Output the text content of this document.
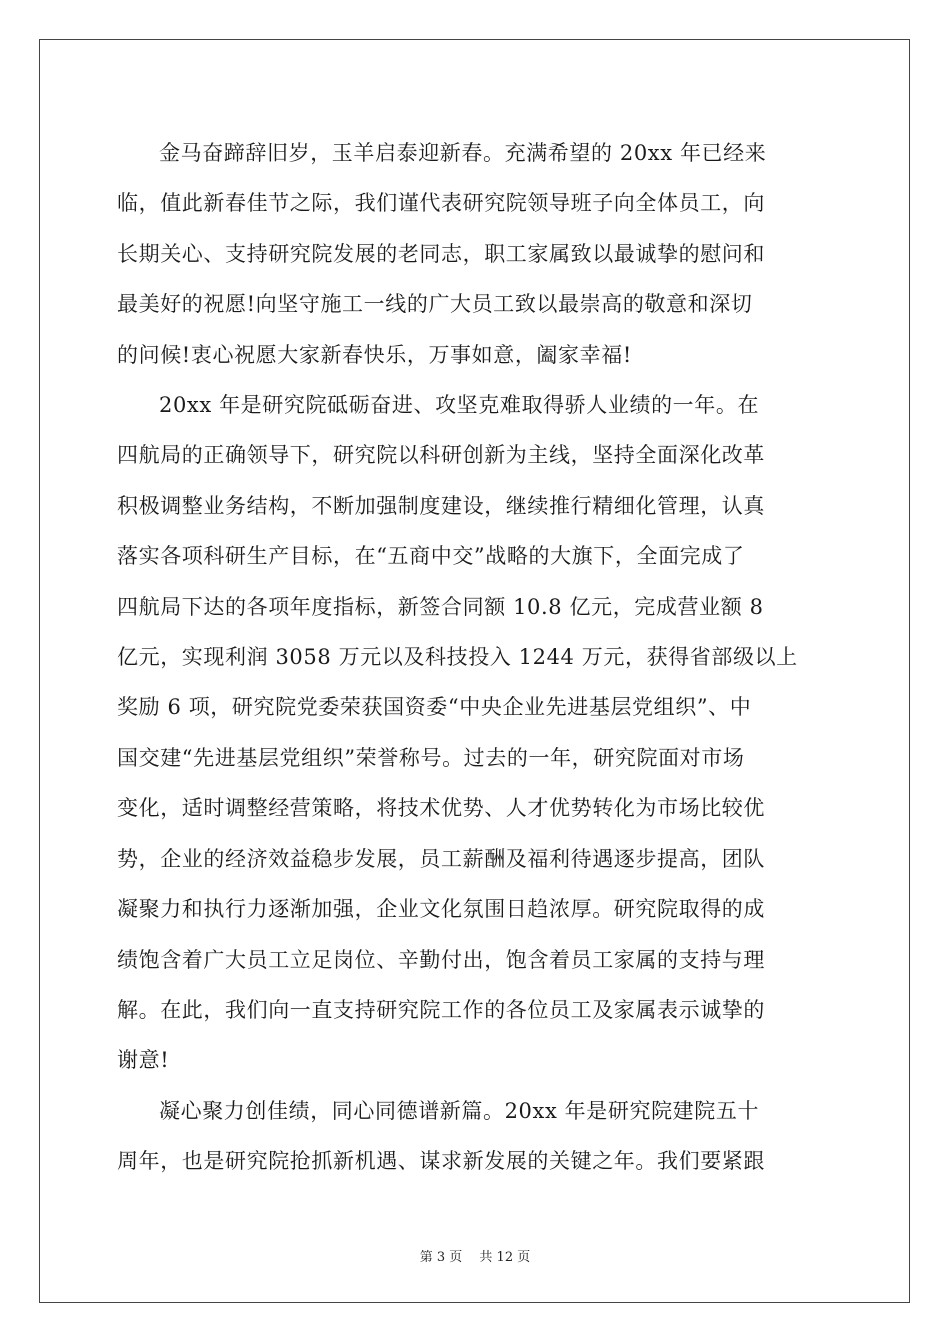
金马奋蹄辞旧岁，玉羊启泰迎新春。充满希望的 20xx 年已经来
临，值此新春佳节之际，我们谨代表研究院领导班子向全体员工，向
长期关心、支持研究院发展的老同志，职工家属致以最诚挚的慰问和
最美好的祝愿!向坚守施工一线的广大员工致以最崇高的敬意和深切
的问候!衷心祝愿大家新春快乐，万事如意，阖家幸福!

20xx 年是研究院砥砺奋进、攻坚克难取得骄人业绩的一年。在
四航局的正确领导下，研究院以科研创新为主线，坚持全面深化改革
积极调整业务结构，不断加强制度建设，继续推行精细化管理，认真
落实各项科研生产目标，在“五商中交”战略的大旗下，全面完成了
四航局下达的各项年度指标，新签合同额 10.8 亿元，完成营业额 8
亿元，实现利润 3058 万元以及科技投入 1244 万元，获得省部级以上
奖励 6 项，研究院党委荣获国资委“中央企业先进基层党组织”、中
国交建“先进基层党组织”荣誉称号。过去的一年，研究院面对市场
变化，适时调整经营策略，将技术优势、人才优势转化为市场比较优
势，企业的经济效益稳步发展，员工薪酬及福利待遇逐步提高，团队
凝聚力和执行力逐渐加强，企业文化氛围日趋浓厚。研究院取得的成
绩饱含着广大员工立足岗位、辛勤付出，饱含着员工家属的支持与理
解。在此，我们向一直支持研究院工作的各位员工及家属表示诚挚的
谢意!

凝心聚力创佳绩，同心同德谱新篇。20xx 年是研究院建院五十
周年，也是研究院抢抓新机遇、谋求新发展的关键之年。我们要紧跟

第 3 页　 共 12 页
